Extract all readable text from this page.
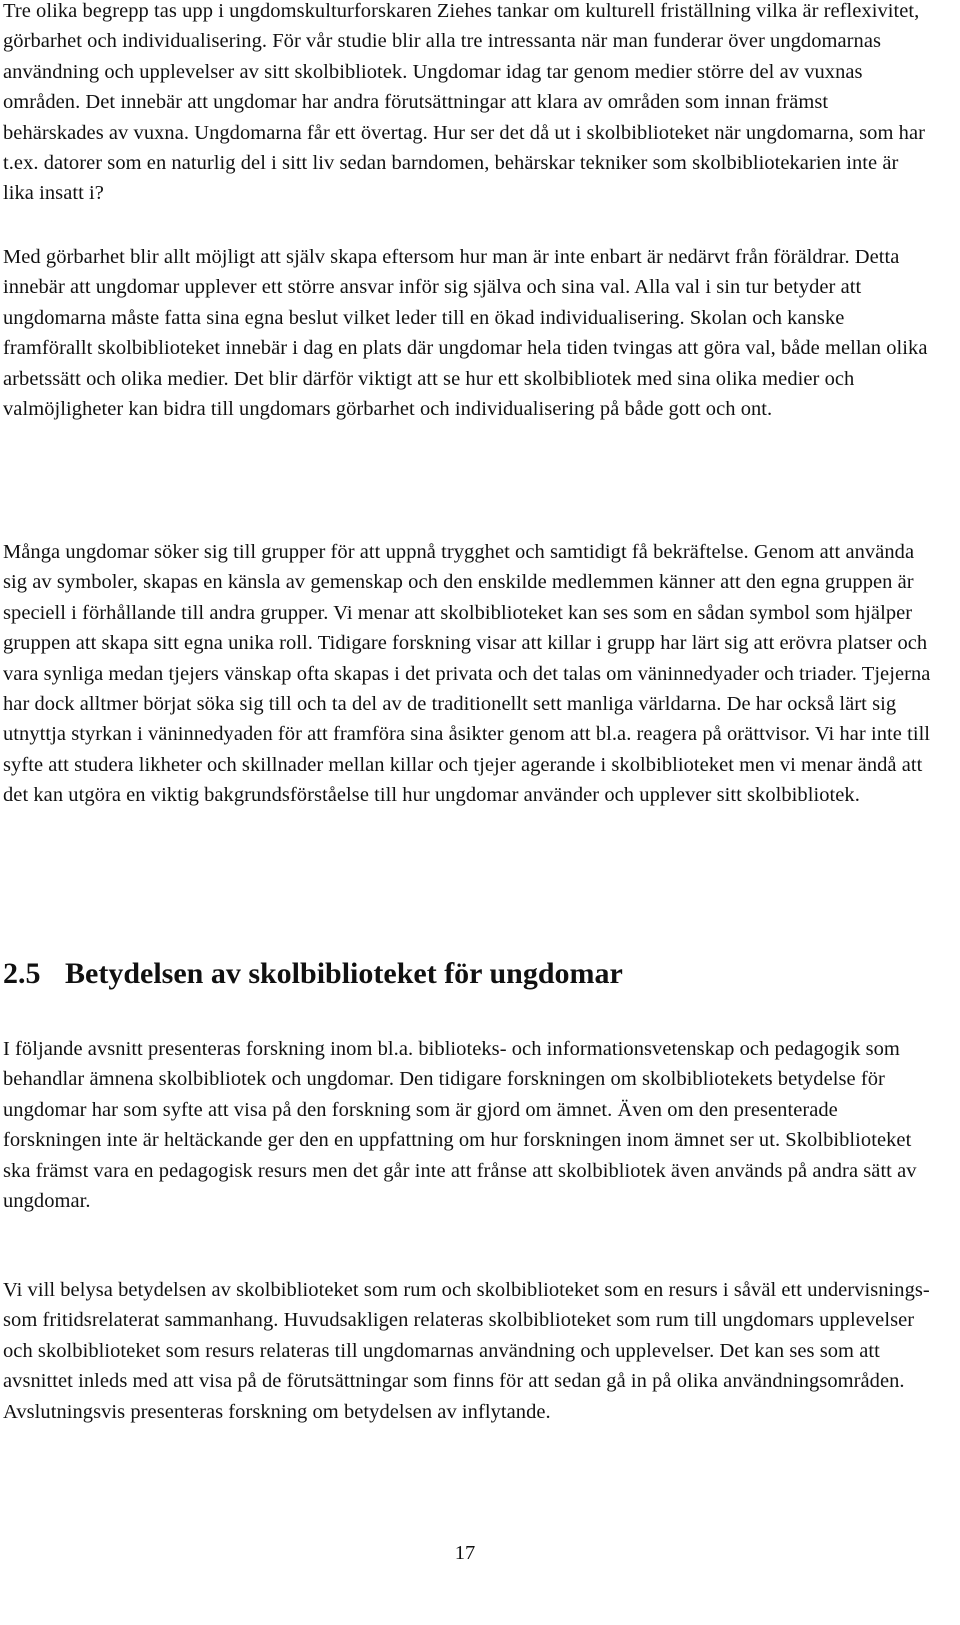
Tre olika begrepp tas upp i ungdomskulturforskaren Ziehes tankar om kulturell friställning vilka är reflexivitet, görbarhet och individualisering. För vår studie blir alla tre intressanta när man funderar över ungdomarnas användning och upplevelser av sitt skolbibliotek. Ungdomar idag tar genom medier större del av vuxnas områden. Det innebär att ungdomar har andra förutsättningar att klara av områden som innan främst behärskades av vuxna. Ungdomarna får ett övertag. Hur ser det då ut i skolbiblioteket när ungdomarna, som har t.ex. datorer som en naturlig del i sitt liv sedan barndomen, behärskar tekniker som skolbibliotekarien inte är lika insatt i?

Med görbarhet blir allt möjligt att själv skapa eftersom hur man är inte enbart är nedärvt från föräldrar. Detta innebär att ungdomar upplever ett större ansvar inför sig själva och sina val. Alla val i sin tur betyder att ungdomarna måste fatta sina egna beslut vilket leder till en ökad individualisering. Skolan och kanske framförallt skolbiblioteket innebär i dag en plats där ungdomar hela tiden tvingas att göra val, både mellan olika arbetssätt och olika medier. Det blir därför viktigt att se hur ett skolbibliotek med sina olika medier och valmöjligheter kan bidra till ungdomars görbarhet och individualisering på både gott och ont.

Många ungdomar söker sig till grupper för att uppnå trygghet och samtidigt få bekräftelse. Genom att använda sig av symboler, skapas en känsla av gemenskap och den enskilde medlemmen känner att den egna gruppen är speciell i förhållande till andra grupper. Vi menar att skolbiblioteket kan ses som en sådan symbol som hjälper gruppen att skapa sitt egna unika roll. Tidigare forskning visar att killar i grupp har lärt sig att erövra platser och vara synliga medan tjejers vänskap ofta skapas i det privata och det talas om väninnedyader och triader. Tjejerna har dock alltmer börjat söka sig till och ta del av de traditionellt sett manliga världarna. De har också lärt sig utnyttja styrkan i väninnedyaden för att framföra sina åsikter genom att bl.a. reagera på orättvisor. Vi har inte till syfte att studera likheter och skillnader mellan killar och tjejer agerande i skolbiblioteket men vi menar ändå att det kan utgöra en viktig bakgrundsförståelse till hur ungdomar använder och upplever sitt skolbibliotek.

2.5 Betydelsen av skolbiblioteket för ungdomar

I följande avsnitt presenteras forskning inom bl.a. biblioteks- och informationsvetenskap och pedagogik som behandlar ämnena skolbibliotek och ungdomar. Den tidigare forskningen om skolbibliotekets betydelse för ungdomar har som syfte att visa på den forskning som är gjord om ämnet. Även om den presenterade forskningen inte är heltäckande ger den en uppfattning om hur forskningen inom ämnet ser ut. Skolbiblioteket ska främst vara en pedagogisk resurs men det går inte att frånse att skolbibliotek även används på andra sätt av ungdomar.

Vi vill belysa betydelsen av skolbiblioteket som rum och skolbiblioteket som en resurs i såväl ett undervisnings- som fritidsrelaterat sammanhang. Huvudsakligen relateras skolbiblioteket som rum till ungdomars upplevelser och skolbiblioteket som resurs relateras till ungdomarnas användning och upplevelser. Det kan ses som att avsnittet inleds med att visa på de förutsättningar som finns för att sedan gå in på olika användningsområden. Avslutningsvis presenteras forskning om betydelsen av inflytande.

17
